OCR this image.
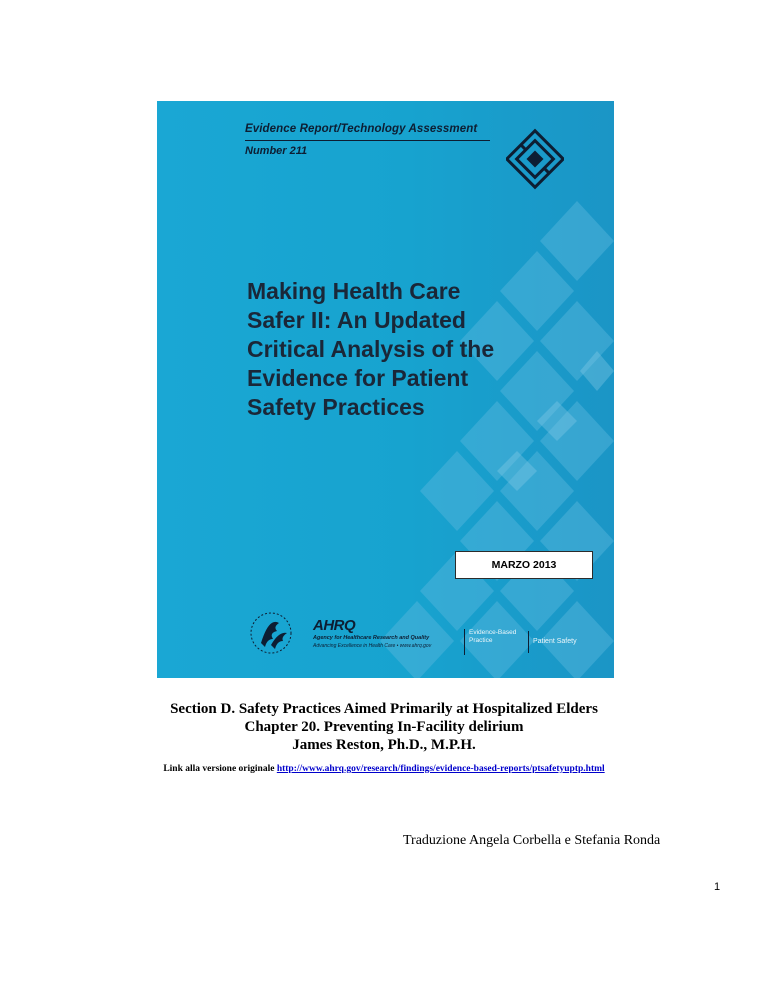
Evidence Report/Technology Assessment
Number 211
Making Health Care
Safer II: An Updated
Critical Analysis of the
Evidence for Patient
Safety Practices
MARZO 2013
AHRQ
Agency for Healthcare Research and Quality
Advancing Excellence in Health Care • www.ahrq.gov
Evidence-Based
Practice	Patient Safety
Section D. Safety Practices Aimed Primarily at Hospitalized Elders
Chapter 20. Preventing In-Facility delirium
James Reston, Ph.D., M.P.H.
Link alla versione originale http://www.ahrq.gov/research/findings/evidence-based-reports/ptsafetyuptp.html
Traduzione Angela Corbella e Stefania Ronda
1
